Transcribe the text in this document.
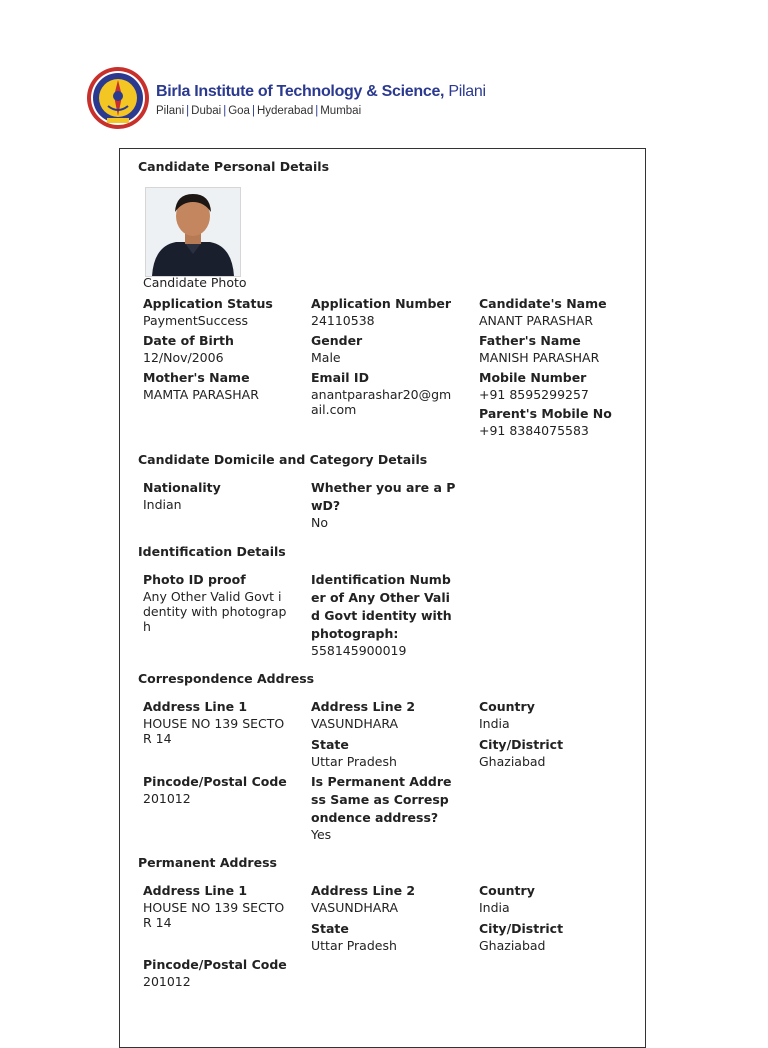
Birla Institute of Technology & Science, Pilani
Pilani | Dubai | Goa | Hyderabad | Mumbai
Candidate Personal Details
Candidate Photo
Application Status
PaymentSuccess
Application Number
24110538
Candidate's Name
ANANT PARASHAR
Date of Birth
12/Nov/2006
Gender
Male
Father's Name
MANISH PARASHAR
Mother's Name
MAMTA PARASHAR
Email ID
anantparashar20@gmail.com
Mobile Number
+91 8595299257
Parent's Mobile No
+91 8384075583
Candidate Domicile and Category Details
Nationality
Indian
Whether you are a PwD?
No
Identification Details
Photo ID proof
Any Other Valid Govt identity with photograph
Identification Number of Any Other Valid Govt identity with photograph:
558145900019
Correspondence Address
Address Line 1
HOUSE NO 139 SECTOR 14
Address Line 2
VASUNDHARA
Country
India
State
Uttar Pradesh
City/District
Ghaziabad
Pincode/Postal Code
201012
Is Permanent Address Same as Correspondence address?
Yes
Permanent Address
Address Line 1
HOUSE NO 139 SECTOR 14
Address Line 2
VASUNDHARA
Country
India
State
Uttar Pradesh
City/District
Ghaziabad
Pincode/Postal Code
201012
